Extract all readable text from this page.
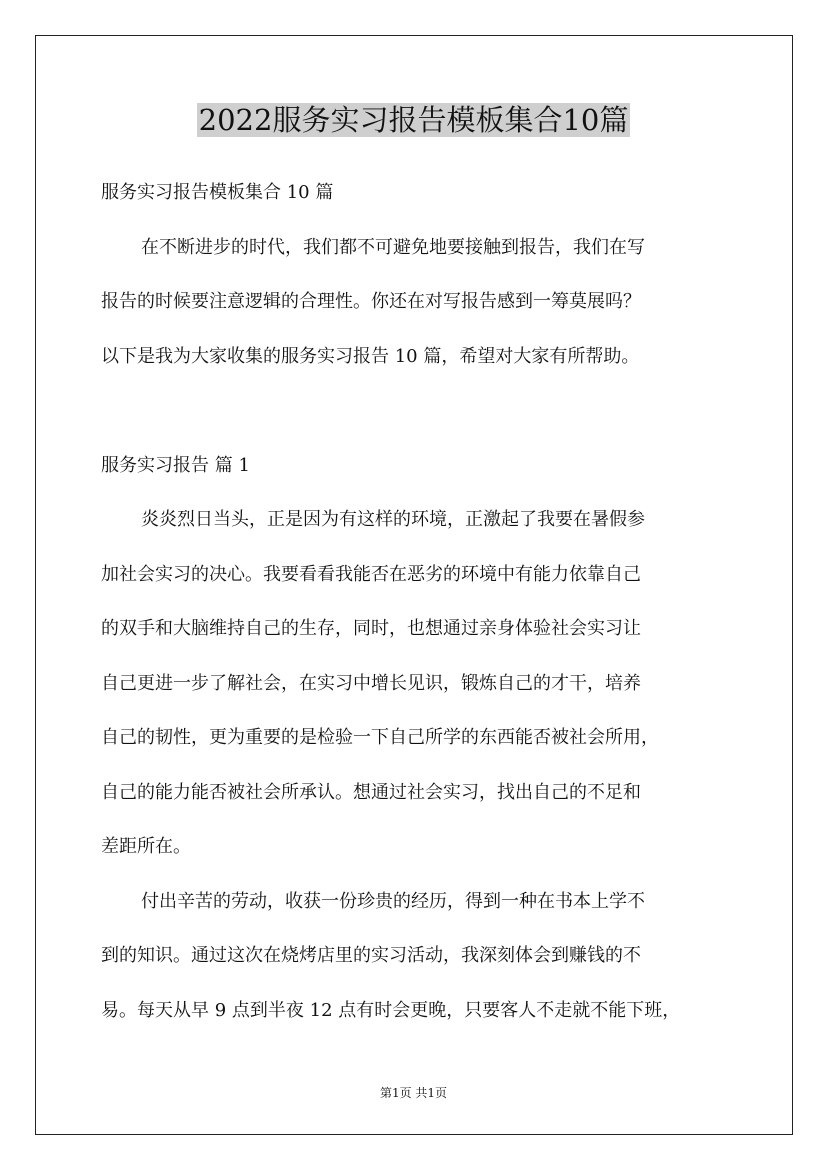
2022服务实习报告模板集合10篇

服务实习报告模板集合 10 篇

在不断进步的时代，我们都不可避免地要接触到报告，我们在写

报告的时候要注意逻辑的合理性。你还在对写报告感到一筹莫展吗？

以下是我为大家收集的服务实习报告 10 篇，希望对大家有所帮助。

服务实习报告 篇 1

炎炎烈日当头，正是因为有这样的环境，正激起了我要在暑假参

加社会实习的决心。我要看看我能否在恶劣的环境中有能力依靠自己

的双手和大脑维持自己的生存，同时，也想通过亲身体验社会实习让

自己更进一步了解社会，在实习中增长见识，锻炼自己的才干，培养

自己的韧性，更为重要的是检验一下自己所学的东西能否被社会所用，

自己的能力能否被社会所承认。想通过社会实习，找出自己的不足和

差距所在。

付出辛苦的劳动，收获一份珍贵的经历，得到一种在书本上学不

到的知识。通过这次在烧烤店里的实习活动，我深刻体会到赚钱的不

易。每天从早 9 点到半夜 12 点有时会更晚，只要客人不走就不能下班，

第1页 共1页
